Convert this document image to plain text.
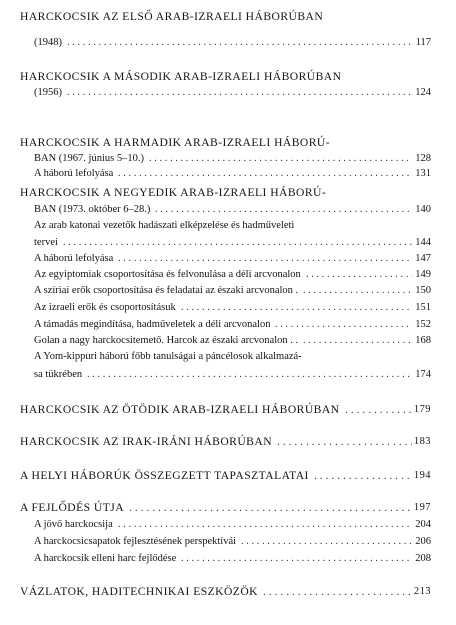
HARCKOCSIK AZ ELSŐ ARAB-IZRAELI HÁBORÚBAN
(1948) . . .	117
HARCKOCSIK A MÁSODIK ARAB-IZRAELI HÁBORÚBAN
(1956) . . .	124
HARCKOCSIK A HARMADIK ARAB-IZRAELI HÁBORÚ-
BAN (1967. június 5–10.) . . .	128
A háború lefolyása . . .	131
HARCKOCSIK A NEGYEDIK ARAB-IZRAELI HÁBORÚ-
BAN (1973. október 6–28.) . . .	140
Az arab katonai vezetők hadászati elképzelése és hadműveleti
tervei . . .	144
A háború lefolyása . . .	147
Az egyiptomiak csoportosítása és felvonulása a déli arcvonalon . . .	149
A szíriai erők csoportosítása és feladatai az északi arcvonalon . . . .	150
Az izraeli erők és csoportosításuk . . .	151
A támadás megindítása, hadműveletek a déli arcvonalon . . .	152
Golan a nagy harckocsitemető. Harcok az északi arcvonalon . . . . .	168
A Yom-kippuri háború főbb tanulságai a páncélosok alkalmazá-
sa tükrében . . .	174
HARCKOCSIK AZ ÖTÖDIK ARAB-IZRAELI HÁBORÚBAN . . .	179
HARCKOCSIK AZ IRAK-IRÁNI HÁBORÚBAN . . .	183
A HELYI HÁBORÚK ÖSSZEGZETT TAPASZTALATAI . . .	194
A FEJLŐDÉS ÚTJA . . .	197
A jövő harckocsija . . .	204
A harckocsicsapatok fejlesztésének perspektívái . . .	206
A harckocsik elleni harc fejlődése . . .	208
VÁZLATOK, HADITECHNIKAI ESZKÖZÖK . . .	213
